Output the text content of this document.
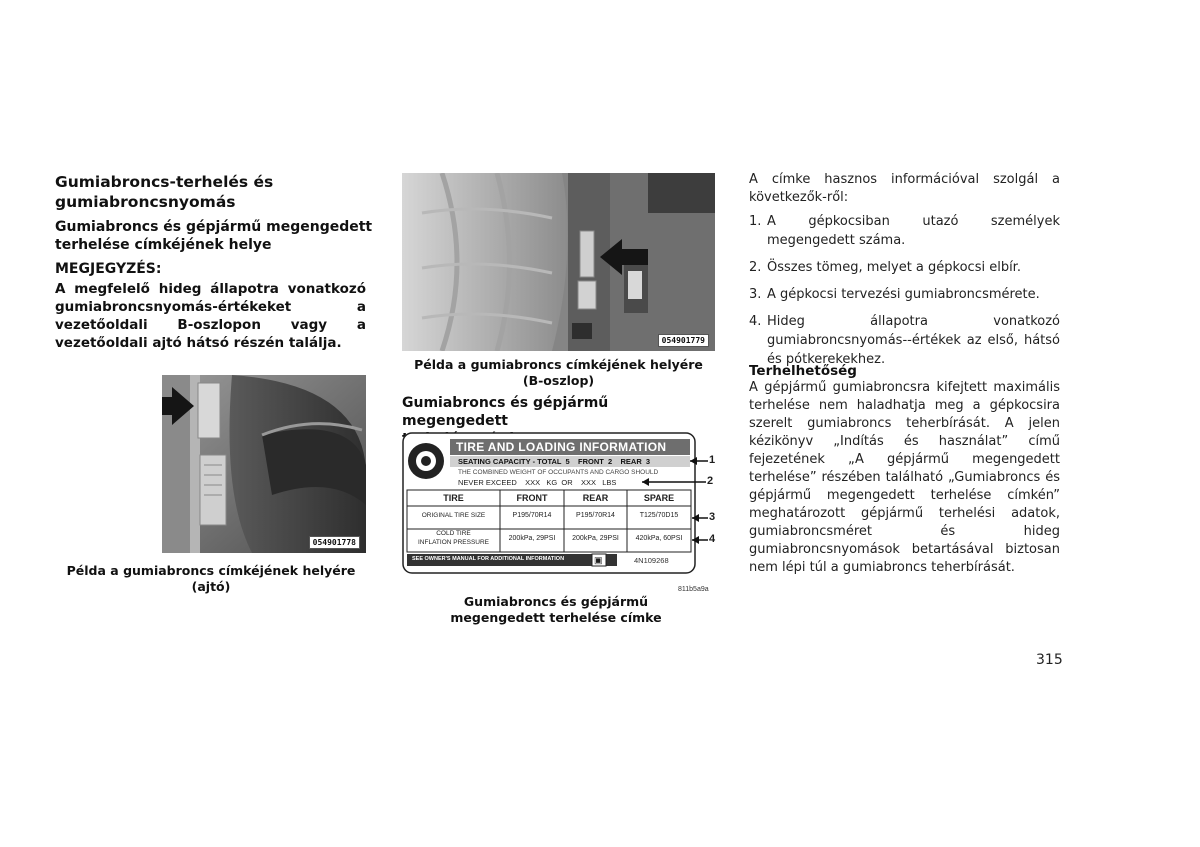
Gumiabroncs-terhelés és
gumiabroncsnyomás
Gumiabroncs és gépjármű megengedett
terhelése címkéjének helye
MEGJEGYZÉS:
A megfelelő hideg állapotra vonatkozó gumiabroncsnyomás-értékeket a vezetőoldali B-oszlopon vagy a vezetőoldali ajtó hátsó részén találja.
054901778
Példa a gumiabroncs címkéjének helyére (ajtó)
054901779
Példa a gumiabroncs címkéjének helyére
(B-oszlop)
Gumiabroncs és gépjármű megengedett

TIRE AND LOADING INFORMATION
SEATING CAPACITY - TOTAL  5    FRONT  2    REAR  3
THE COMBINED WEIGHT OF OCCUPANTS AND CARGO SHOULD
NEVER EXCEED    XXX   KG  OR    XXX   LBS
TIRE	FRONT	REAR	SPARE
ORIGINAL TIRE SIZE	P195/70R14	P195/70R14	T125/70D15
COLD TIRE
INFLATION PRESSURE
200kPa, 29PSI	200kPa, 29PSI	420kPa, 60PSI
SEE OWNER'S MANUAL FOR ADDITIONAL INFORMATION	▣	4N109268
1
2
3
4
811b5a9a
Gumiabroncs és gépjármű
megengedett terhelése címke
A címke hasznos információval szolgál a következők-ről:
1. A gépkocsiban utazó személyek megengedett száma.
2. Összes tömeg, melyet a gépkocsi elbír.
3. A gépkocsi tervezési gumiabroncsmérete.
4. Hideg állapotra vonatkozó gumiabroncsnyomás--értékek az első, hátsó és pótkerekekhez.
Terhelhetőség
A gépjármű gumiabroncsra kifejtett maximális terhelése nem haladhatja meg a gépkocsira szerelt gumiabroncs teherbírását. A jelen kézikönyv „Indítás és használat” című fejezetének „A gépjármű megengedett terhelése” részében található „Gumiabroncs és gépjármű megengedett terhelése címkén” meghatározott gépjármű terhelési adatok, gumiabroncsméret és hideg gumiabroncsnyomások betartásával biztosan nem lépi túl a gumiabroncs teherbírását.
315
